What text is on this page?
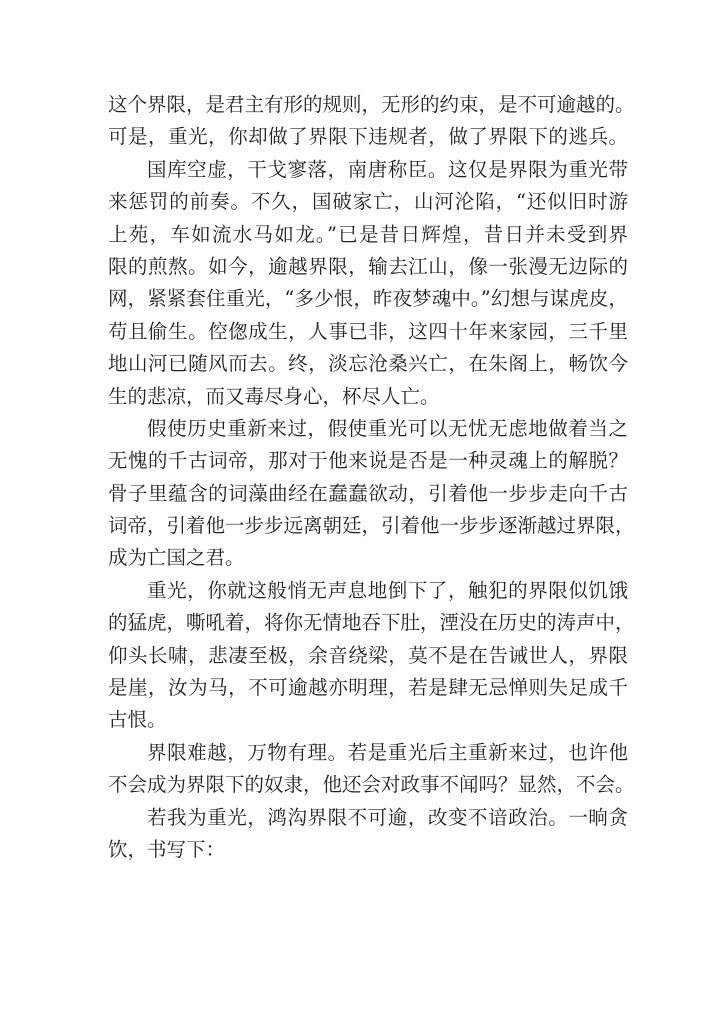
这个界限，是君主有形的规则，无形的约束，是不可逾越的。
可是，重光，你却做了界限下违规者，做了界限下的逃兵。
国库空虚，干戈寥落，南唐称臣。这仅是界限为重光带
来惩罚的前奏。不久，国破家亡，山河沦陷，“还似旧时游
上苑，车如流水马如龙。”已是昔日辉煌，昔日并未受到界
限的煎熬。如今，逾越界限，输去江山，像一张漫无边际的
网，紧紧套住重光，“多少恨，昨夜梦魂中。”幻想与谋虎皮，
苟且偷生。倥偬成生，人事已非，这四十年来家园，三千里
地山河已随风而去。终，淡忘沧桑兴亡，在朱阁上，畅饮今
生的悲凉，而又毒尽身心，杯尽人亡。
假使历史重新来过，假使重光可以无忧无虑地做着当之
无愧的千古词帝，那对于他来说是否是一种灵魂上的解脱？
骨子里蕴含的词藻曲经在蠢蠢欲动，引着他一步步走向千古
词帝，引着他一步步远离朝廷，引着他一步步逐渐越过界限，
成为亡国之君。
重光，你就这般悄无声息地倒下了，触犯的界限似饥饿
的猛虎，嘶吼着，将你无情地吞下肚，湮没在历史的涛声中，
仰头长啸，悲凄至极，余音绕梁，莫不是在告诫世人，界限
是崖，汝为马，不可逾越亦明理，若是肆无忌惮则失足成千
古恨。
界限难越，万物有理。若是重光后主重新来过，也许他
不会成为界限下的奴隶，他还会对政事不闻吗？显然，不会。
若我为重光，鸿沟界限不可逾，改变不谙政治。一晌贪
饮，书写下：
